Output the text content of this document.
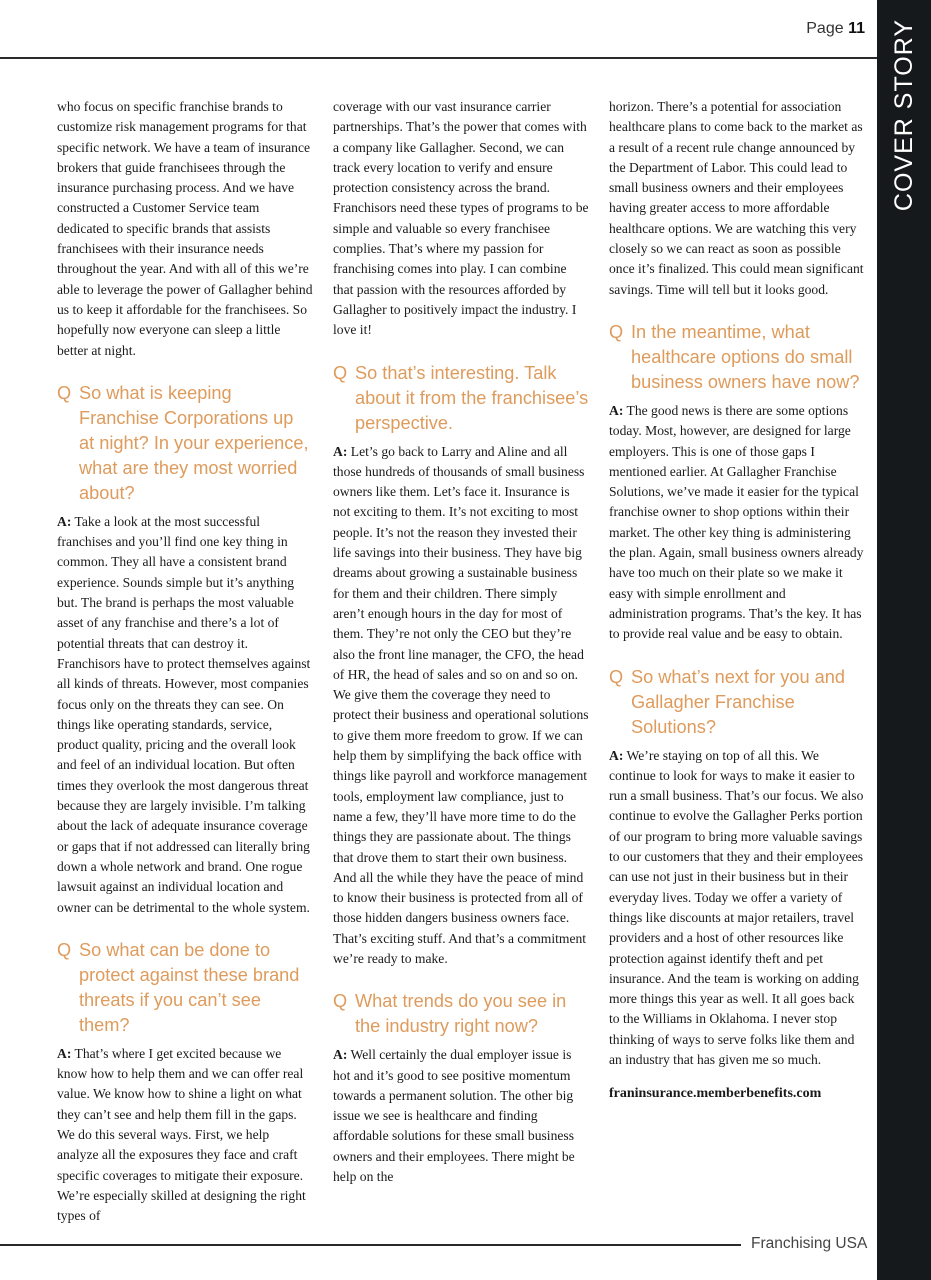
Page 11 COVER STORY

who focus on specific franchise brands to customize risk management programs for that specific network. We have a team of insurance brokers that guide franchisees through the insurance purchasing process. And we have constructed a Customer Service team dedicated to specific brands that assists franchisees with their insurance needs throughout the year. And with all of this we’re able to leverage the power of Gallagher behind us to keep it affordable for the franchisees. So hopefully now everyone can sleep a little better at night.

Q So what is keeping Franchise Corporations up at night? In your experience, what are they most worried about?

A: Take a look at the most successful franchises and you’ll find one key thing in common. They all have a consistent brand experience. Sounds simple but it’s anything but. The brand is perhaps the most valuable asset of any franchise and there’s a lot of potential threats that can destroy it. Franchisors have to protect themselves against all kinds of threats. However, most companies focus only on the threats they can see. On things like operating standards, service, product quality, pricing and the overall look and feel of an individual location. But often times they overlook the most dangerous threat because they are largely invisible. I’m talking about the lack of adequate insurance coverage or gaps that if not addressed can literally bring down a whole network and brand. One rogue lawsuit against an individual location and owner can be detrimental to the whole system.

Q So what can be done to protect against these brand threats if you can’t see them?

A: That’s where I get excited because we know how to help them and we can offer real value. We know how to shine a light on what they can’t see and help them fill in the gaps. We do this several ways. First, we help analyze all the exposures they face and craft specific coverages to mitigate their exposure. We’re especially skilled at designing the right types of

coverage with our vast insurance carrier partnerships. That’s the power that comes with a company like Gallagher. Second, we can track every location to verify and ensure protection consistency across the brand. Franchisors need these types of programs to be simple and valuable so every franchisee complies. That’s where my passion for franchising comes into play. I can combine that passion with the resources afforded by Gallagher to positively impact the industry. I love it!

Q So that’s interesting. Talk about it from the franchisee’s perspective.

A: Let’s go back to Larry and Aline and all those hundreds of thousands of small business owners like them. Let’s face it. Insurance is not exciting to them. It’s not exciting to most people. It’s not the reason they invested their life savings into their business. They have big dreams about growing a sustainable business for them and their children. There simply aren’t enough hours in the day for most of them. They’re not only the CEO but they’re also the front line manager, the CFO, the head of HR, the head of sales and so on and so on. We give them the coverage they need to protect their business and operational solutions to give them more freedom to grow. If we can help them by simplifying the back office with things like payroll and workforce management tools, employment law compliance, just to name a few, they’ll have more time to do the things they are passionate about. The things that drove them to start their own business. And all the while they have the peace of mind to know their business is protected from all of those hidden dangers business owners face. That’s exciting stuff. And that’s a commitment we’re ready to make.

Q What trends do you see in the industry right now?

A: Well certainly the dual employer issue is hot and it’s good to see positive momentum towards a permanent solution. The other big issue we see is healthcare and finding affordable solutions for these small business owners and their employees. There might be help on the

horizon. There’s a potential for association healthcare plans to come back to the market as a result of a recent rule change announced by the Department of Labor. This could lead to small business owners and their employees having greater access to more affordable healthcare options. We are watching this very closely so we can react as soon as possible once it’s finalized. This could mean significant savings. Time will tell but it looks good.

Q In the meantime, what healthcare options do small business owners have now?

A: The good news is there are some options today. Most, however, are designed for large employers. This is one of those gaps I mentioned earlier. At Gallagher Franchise Solutions, we’ve made it easier for the typical franchise owner to shop options within their market. The other key thing is administering the plan. Again, small business owners already have too much on their plate so we make it easy with simple enrollment and administration programs. That’s the key. It has to provide real value and be easy to obtain.

Q So what’s next for you and Gallagher Franchise Solutions?

A: We’re staying on top of all this. We continue to look for ways to make it easier to run a small business. That’s our focus. We also continue to evolve the Gallagher Perks portion of our program to bring more valuable savings to our customers that they and their employees can use not just in their business but in their everyday lives. Today we offer a variety of things like discounts at major retailers, travel providers and a host of other resources like protection against identify theft and pet insurance. And the team is working on adding more things this year as well. It all goes back to the Williams in Oklahoma. I never stop thinking of ways to serve folks like them and an industry that has given me so much.

franinsurance.memberbenefits.com

Franchising USA
